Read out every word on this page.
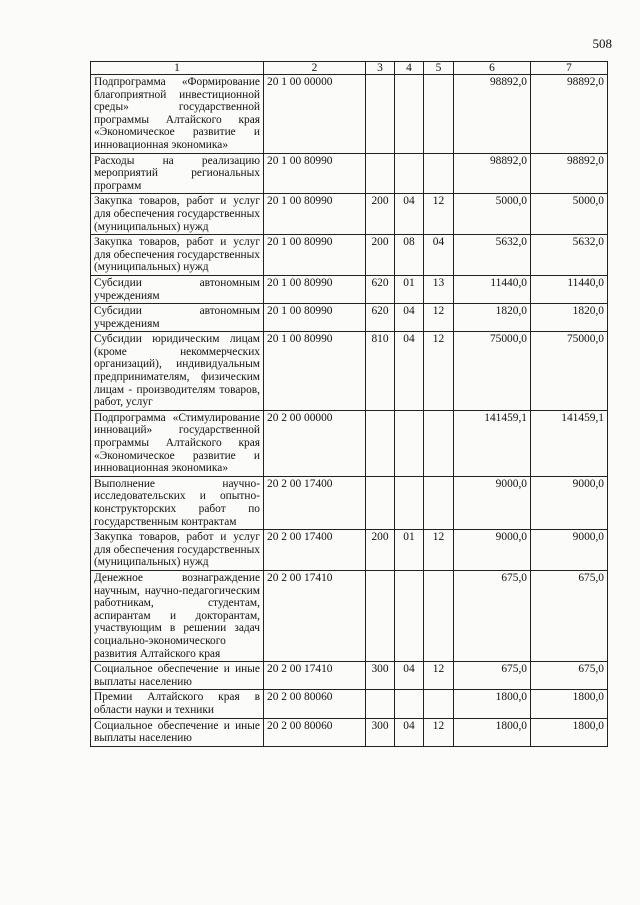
508
1	2	3	4	5	6	7
Подпрограмма «Формирование благоприятной инвестиционной среды» государственной программы Алтайского края «Экономическое развитие и инновационная экономика»	20 1 00 00000				98892,0	98892,0
Расходы на реализацию мероприятий региональных программ	20 1 00 80990				98892,0	98892,0
Закупка товаров, работ и услуг для обеспечения государственных (муниципальных) нужд	20 1 00 80990	200	04	12	5000,0	5000,0
Закупка товаров, работ и услуг для обеспечения государственных (муниципальных) нужд	20 1 00 80990	200	08	04	5632,0	5632,0
Субсидии автономным учреждениям	20 1 00 80990	620	01	13	11440,0	11440,0
Субсидии автономным учреждениям	20 1 00 80990	620	04	12	1820,0	1820,0
Субсидии юридическим лицам (кроме некоммерческих организаций), индивидуальным предпринимателям, физическим лицам - производителям товаров, работ, услуг	20 1 00 80990	810	04	12	75000,0	75000,0
Подпрограмма «Стимулирование инноваций» государственной программы Алтайского края «Экономическое развитие и инновационная экономика»	20 2 00 00000				141459,1	141459,1
Выполнение научно-исследовательских и опытно-конструкторских работ по государственным контрактам	20 2 00 17400				9000,0	9000,0
Закупка товаров, работ и услуг для обеспечения государственных (муниципальных) нужд	20 2 00 17400	200	01	12	9000,0	9000,0
Денежное вознаграждение научным, научно-педагогическим работникам, студентам, аспирантам и докторантам, участвующим в решении задач социально-экономического развития Алтайского края	20 2 00 17410				675,0	675,0
Социальное обеспечение и иные выплаты населению	20 2 00 17410	300	04	12	675,0	675,0
Премии Алтайского края в области науки и техники	20 2 00 80060				1800,0	1800,0
Социальное обеспечение и иные выплаты населению	20 2 00 80060	300	04	12	1800,0	1800,0
